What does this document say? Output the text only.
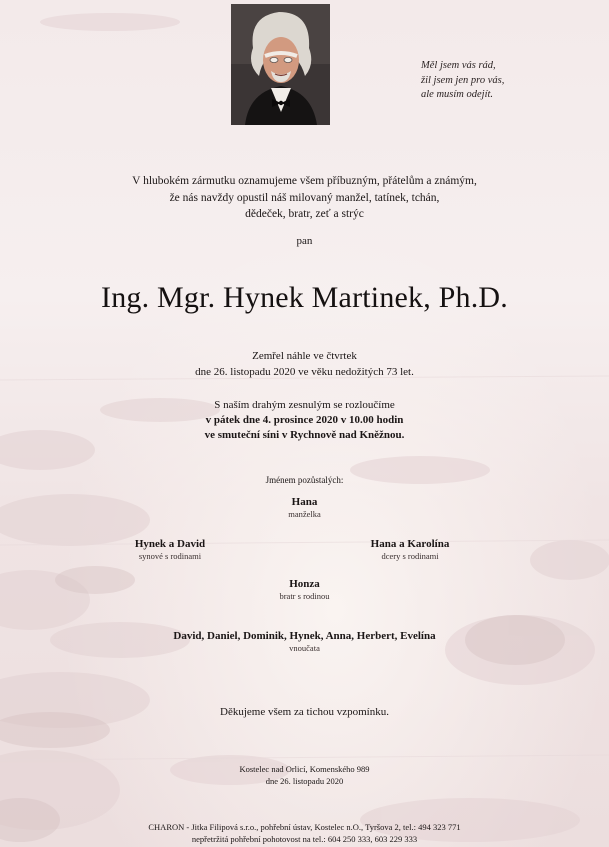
Měl jsem vás rád,
žil jsem jen pro vás,
ale musím odejít.
V hlubokém zármutku oznamujeme všem příbuzným, přátelům a známým,
že nás navždy opustil náš milovaný manžel, tatínek, tchán,
dědeček, bratr, zeť a strýc
pan
Ing. Mgr. Hynek Martinek, Ph.D.
Zemřel náhle ve čtvrtek
dne 26. listopadu 2020 ve věku nedožitých 73 let.
S naším drahým zesnulým se rozloučíme
v pátek dne 4. prosince 2020 v 10.00 hodin
ve smuteční síni v Rychnově nad Kněžnou.
Jménem pozůstalých:
Hana
manželka
Hynek a David
synové s rodinami
Hana a Karolína
dcery s rodinami
Honza
bratr s rodinou
David, Daniel, Dominik, Hynek, Anna, Herbert, Evelína
vnoučata
Děkujeme všem za tichou vzpomínku.
Kostelec nad Orlicí, Komenského 989
dne 26. listopadu 2020
CHARON - Jitka Filipová s.r.o., pohřební ústav, Kostelec n.O., Tyršova 2, tel.: 494 323 771
nepřetržitá pohřební pohotovost na tel.: 604 250 333, 603 229 333
